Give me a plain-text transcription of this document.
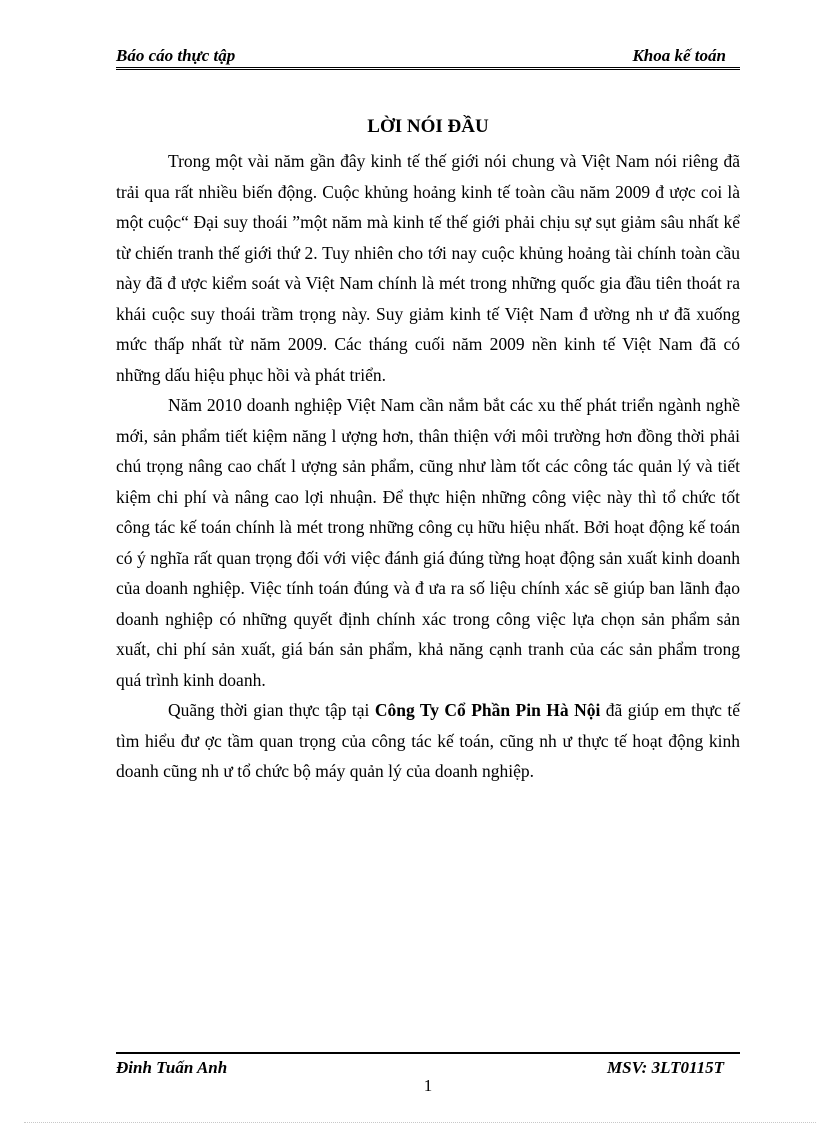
Báo cáo thực tập	Khoa kế toán
LỜI NÓI ĐẦU

Trong một vài năm gần đây kinh tế thế giới nói chung và Việt Nam nói riêng đã trải qua rất nhiều biến động. Cuộc khủng hoảng kinh tế toàn cầu năm 2009 đ ược coi là một cuộc“ Đại suy thoái ”một năm mà kinh tế thế giới phải chịu sự sụt giảm sâu nhất kể từ chiến tranh thế giới thứ 2. Tuy nhiên cho tới nay cuộc khủng hoảng tài chính toàn cầu này đã đ ược kiểm soát và Việt Nam chính là mét trong những quốc gia đầu tiên thoát ra khái cuộc suy thoái trầm trọng này. Suy giảm kinh tế Việt Nam đ ường nh ư đã xuống mức thấp nhất từ năm 2009. Các tháng cuối năm 2009 nền kinh tế Việt Nam đã có những dấu hiệu phục hồi và phát triển.

Năm 2010 doanh nghiệp Việt Nam cần nắm bắt các xu thế phát triển ngành nghề mới, sản phẩm tiết kiệm năng l ượng hơn, thân thiện với môi trường hơn đồng thời phải chú trọng nâng cao chất l ượng sản phẩm, cũng như làm tốt các công tác quản lý và tiết kiệm chi phí và nâng cao lợi nhuận. Để thực hiện những công việc này thì tổ chức tốt công tác kế toán chính là mét trong những công cụ hữu hiệu nhất. Bởi hoạt động kế toán có ý nghĩa rất quan trọng đối với việc đánh giá đúng từng hoạt động sản xuất kinh doanh của doanh nghiệp. Việc tính toán đúng và đ ưa ra số liệu chính xác sẽ giúp ban lãnh đạo doanh nghiệp có những quyết định chính xác trong công việc lựa chọn sản phẩm sản xuất, chi phí sản xuất, giá bán sản phẩm, khả năng cạnh tranh của các sản phẩm trong quá trình kinh doanh.

Quãng thời gian thực tập tại Công Ty Cổ Phần Pin Hà Nội đã giúp em thực tế tìm hiểu đư ợc tầm quan trọng của công tác kế toán, cũng nh ư thực tế hoạt động kinh doanh cũng nh ư tổ chức bộ máy quản lý của doanh nghiệp.

Đinh Tuấn Anh	MSV: 3LT0115T
1
